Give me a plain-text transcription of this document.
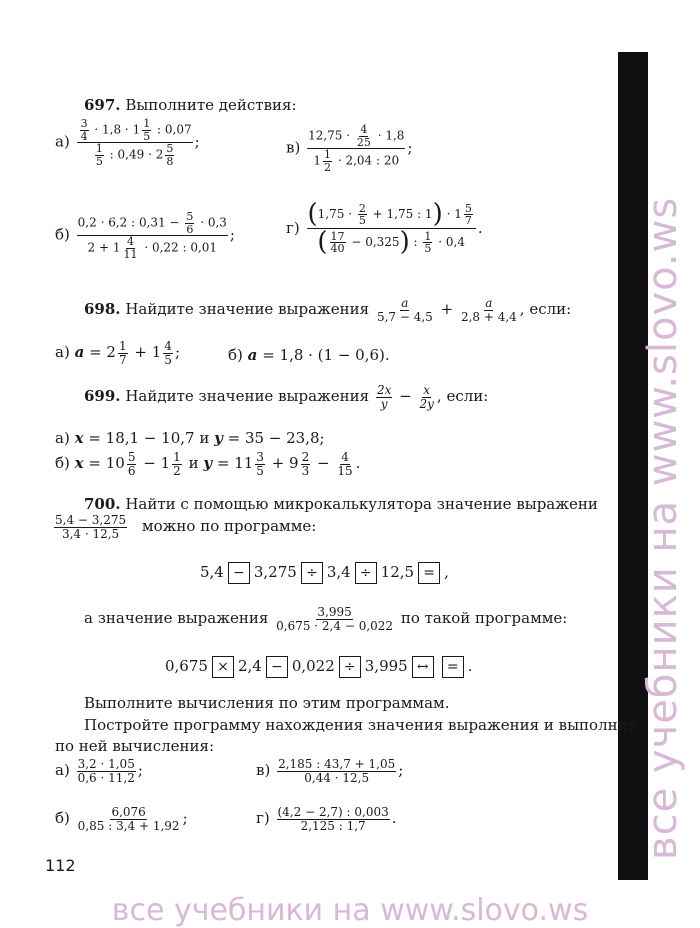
все учебники на www.slovo.ws
697. Выполните действия:
$а) \frac{\frac{3}{4} \cdot 1,8 \cdot 1 \frac{1}{5} : 0,07}{\frac{1}{5} : 0,49 \cdot 2 \frac{5}{8}}$ ;	$в) \frac{12,75 \cdot \frac{4}{25} \cdot 1,8}{1 \frac{1}{2} \cdot 2,04 : 20}$ ;
$б) \frac{0,2 \cdot 6,2 : 0,31 - \frac{5}{6} \cdot 0,3}{2 + 1 \frac{4}{11} \cdot 0,22 : 0,01}$ ;	$г) \frac{(1,75 \cdot \frac{2}{5} + 1,75 : 1) \cdot 1 \frac{5}{7}}{( \frac{17}{40} - 0,325) : \frac{1}{5} \cdot 0,4}$ .
698. Найдите значение выражения $\frac{a}{5,7 - 4,5} + \frac{a}{2,8 + 4,4}$ , если:
а) $a = 2 \frac{1}{7} + 1 \frac{4}{5}$ ;	б) a = 1,8 · (1 − 0,6).
699. Найдите значение выражения $\frac{2x}{y} - \frac{x}{2y}$ , если:
а) x = 18,1 − 10,7 и y = 35 − 23,8;
б) $x = 10 \frac{5}{6} - 1 \frac{1}{2}$ и $y = 11 \frac{3}{5} + 9 \frac{2}{3} - \frac{4}{15}$ .
700. Найти с помощью микрокалькулятора значение выражени
$\frac{5,4 - 3,275}{3,4 \cdot 12,5}$ можно по программе:
5,4 − 3,275 ÷ 3,4 ÷ 12,5 = ,
а значение выражения $\frac{3,995}{0,675 \cdot 2,4 - 0,022}$ по такой программе:
0,675 × 2,4 − 0,022 ÷ 3,995 ↔ = .
Выполните вычисления по этим программам.
Постройте программу нахождения значения выражения и выполнит
по ней вычисления:
$а) \frac{3,2 \cdot 1,05}{0,6 \cdot 11,2}$ ;	$в) \frac{2,185 : 43,7 + 1,05}{0,44 \cdot 12,5}$ ;
$б) \frac{6,076}{0,85 : 3,4 + 1,92}$ ;	$г) \frac{(4,2 - 2,7) : 0,003}{2,125 : 1,7}$ .
112
все учебники на www.slovo.ws
